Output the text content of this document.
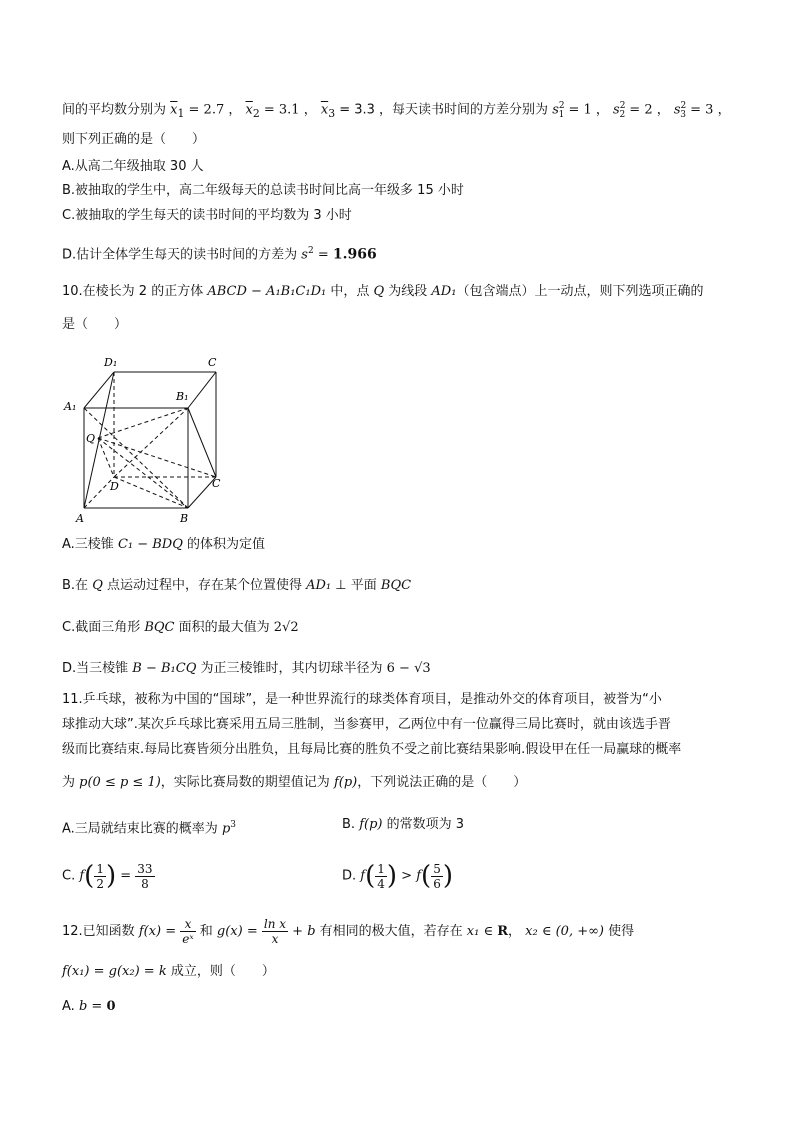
间的平均数分别为 $\overline{x}_1 = 2.7$ ， $\overline{x}_2 = 3.1$ ， $\overline{x}_3 = 3.3$ ，每天读书时间的方差分别为 $s^2_1 = 1$ ， $s^2_2 = 2$ ， $s^2_3 = 3$ ，
则下列正确的是（　　）
A.从高二年级抽取 30 人
B.被抽取的学生中，高二年级每天的总读书时间比高一年级多 15 小时
C.被抽取的学生每天的读书时间的平均数为 3 小时
D.估计全体学生每天的读书时间的方差为 $s^2 = 1.966$
10.在棱长为 2 的正方体 ABCD − A₁B₁C₁D₁ 中，点 Q 为线段 AD₁（包含端点）上一动点，则下列选项正确的
是（　　）
D₁	C
A₁
B₁
Q
D	C
A	B
A.三棱锥 C₁ − BDQ 的体积为定值
B.在 Q 点运动过程中，存在某个位置使得 AD₁ ⊥ 平面 BQC
C.截面三角形 BQC 面积的最大值为 2√2
D.当三棱锥 B − B₁CQ 为正三棱锥时，其内切球半径为 6 − √3
11.乒乓球，被称为中国的“国球”，是一种世界流行的球类体育项目，是推动外交的体育项目，被誉为“小
球推动大球”.某次乒乓球比赛采用五局三胜制，当参赛甲，乙两位中有一位赢得三局比赛时，就由该选手晋
级而比赛结束.每局比赛皆须分出胜负，且每局比赛的胜负不受之前比赛结果影响.假设甲在任一局赢球的概率
为 p(0 ≤ p ≤ 1)，实际比赛局数的期望值记为 f(p)，下列说法正确的是（　　）
A.三局就结束比赛的概率为 $p^3$	B. f(p) 的常数项为 3
C. $f( \frac{1}{2}$ ) = $\frac{33}{8}$	D. $f( \frac{1}{4}$ ) > $f( \frac{5}{6}$ )
12.已知函数 $f(x) = \frac{x}{\text{eˣ}}$ 和 $g(x) = \frac{\text{ln x}}{x} + b$ 有相同的极大值，若存在 x₁ ∈ R， x₂ ∈ (0, +∞) 使得
f(x₁) = g(x₂) = k 成立，则（　　）
A. b = 0
